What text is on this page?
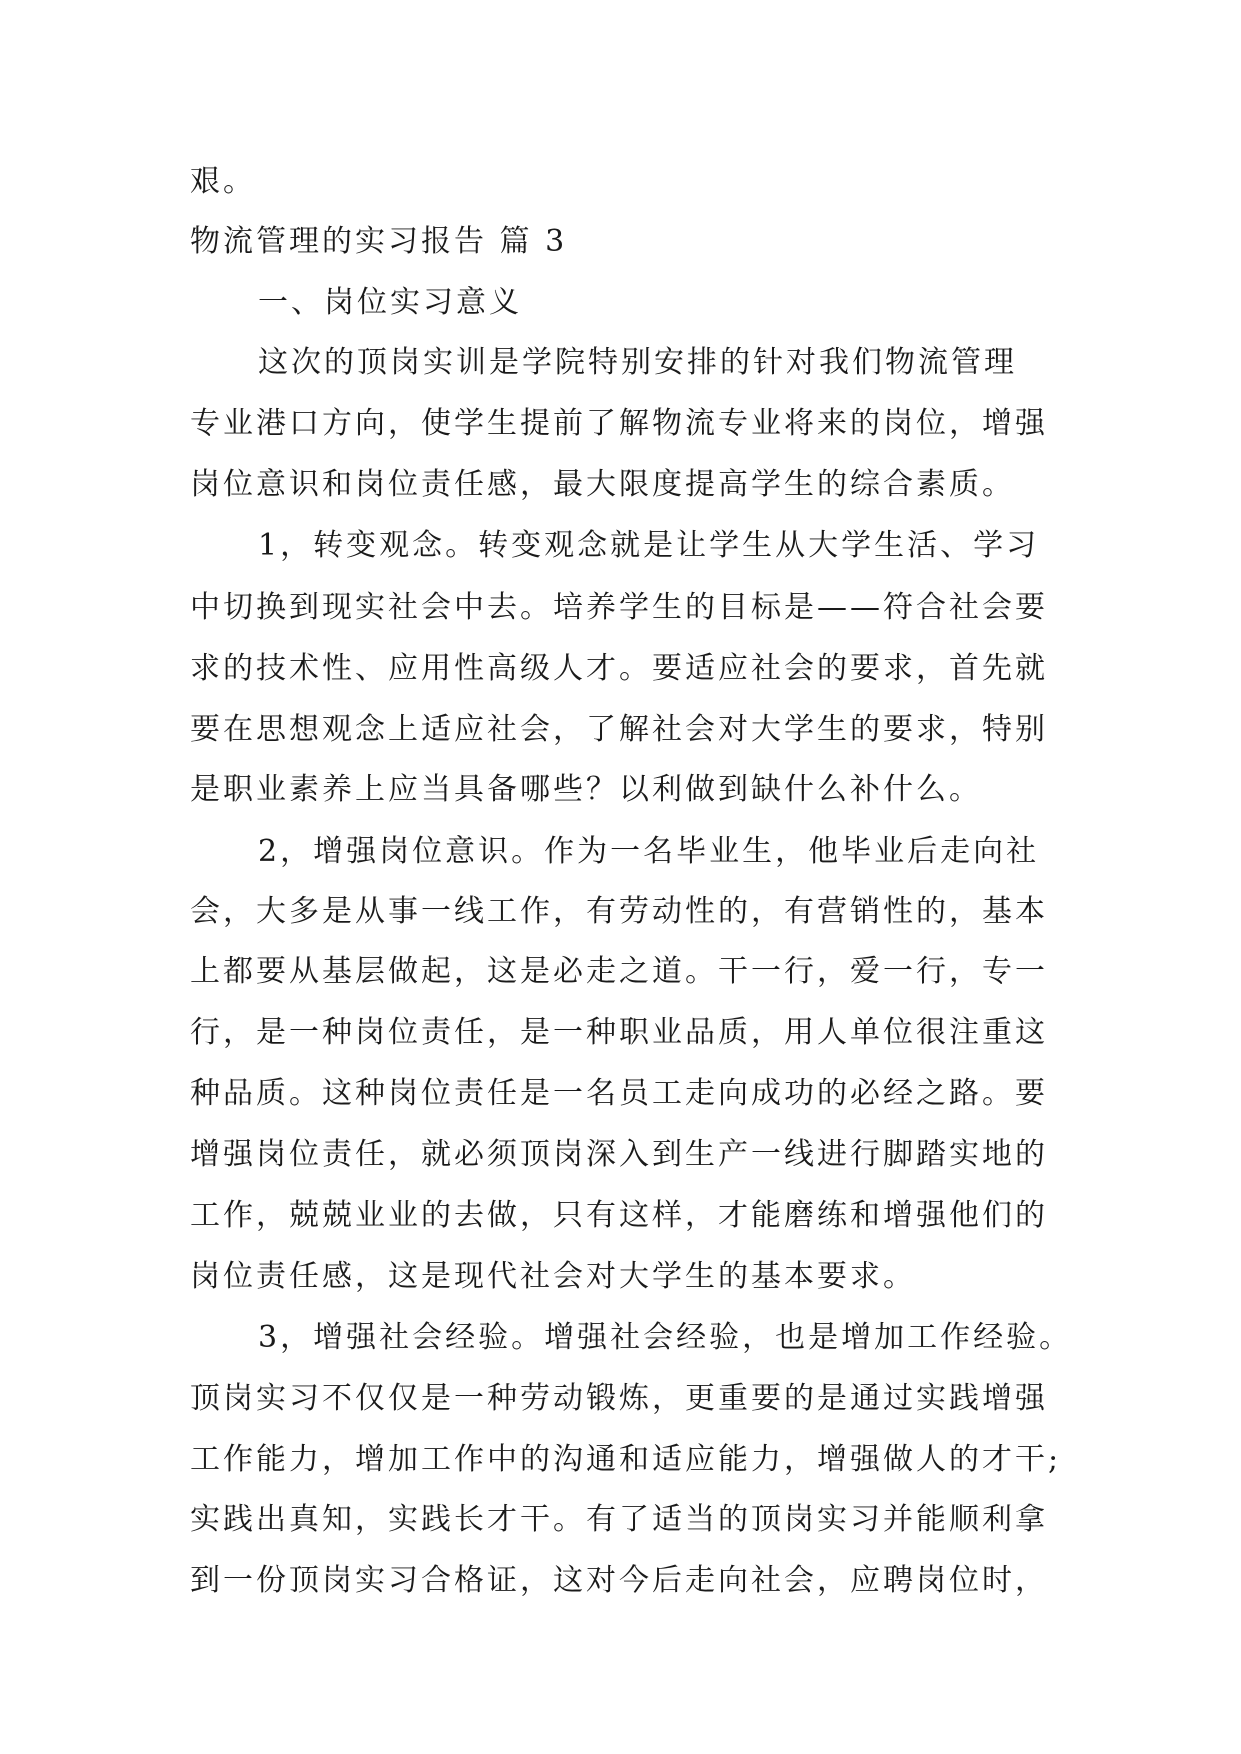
艰。
物流管理的实习报告 篇 3
一、岗位实习意义
这次的顶岗实训是学院特别安排的针对我们物流管理
专业港口方向，使学生提前了解物流专业将来的岗位，增强
岗位意识和岗位责任感，最大限度提高学生的综合素质。
1，转变观念。转变观念就是让学生从大学生活、学习
中切换到现实社会中去。培养学生的目标是——符合社会要
求的技术性、应用性高级人才。要适应社会的要求，首先就
要在思想观念上适应社会，了解社会对大学生的要求，特别
是职业素养上应当具备哪些？以利做到缺什么补什么。
2，增强岗位意识。作为一名毕业生，他毕业后走向社
会，大多是从事一线工作，有劳动性的，有营销性的，基本
上都要从基层做起，这是必走之道。干一行，爱一行，专一
行，是一种岗位责任，是一种职业品质，用人单位很注重这
种品质。这种岗位责任是一名员工走向成功的必经之路。要
增强岗位责任，就必须顶岗深入到生产一线进行脚踏实地的
工作，兢兢业业的去做，只有这样，才能磨练和增强他们的
岗位责任感，这是现代社会对大学生的基本要求。
3，增强社会经验。增强社会经验，也是增加工作经验。
顶岗实习不仅仅是一种劳动锻炼，更重要的是通过实践增强
工作能力，增加工作中的沟通和适应能力，增强做人的才干;
实践出真知，实践长才干。有了适当的顶岗实习并能顺利拿
到一份顶岗实习合格证，这对今后走向社会，应聘岗位时，
